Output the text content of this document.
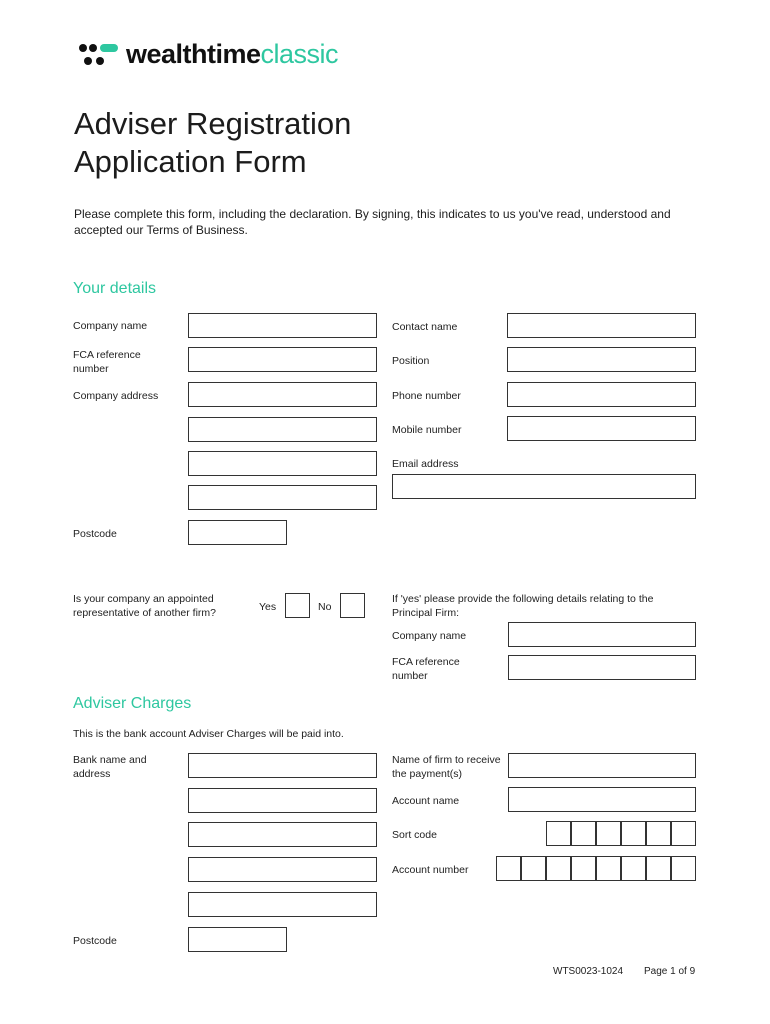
wealthtimeclassic
Adviser Registration
Application Form
Please complete this form, including the declaration. By signing, this indicates to us you've read, understood and accepted our Terms of Business.
Your details
Company name
FCA reference number
Company address
Postcode
Contact name
Position
Phone number
Mobile number
Email address
Is your company an appointed representative of another firm?	Yes	No
If 'yes' please provide the following details relating to the Principal Firm:
Company name
FCA reference number
Adviser Charges
This is the bank account Adviser Charges will be paid into.
Bank name and address
Postcode
Name of firm to receive the payment(s)
Account name
Sort code
Account number
WTS0023-1024 Page 1 of 9
